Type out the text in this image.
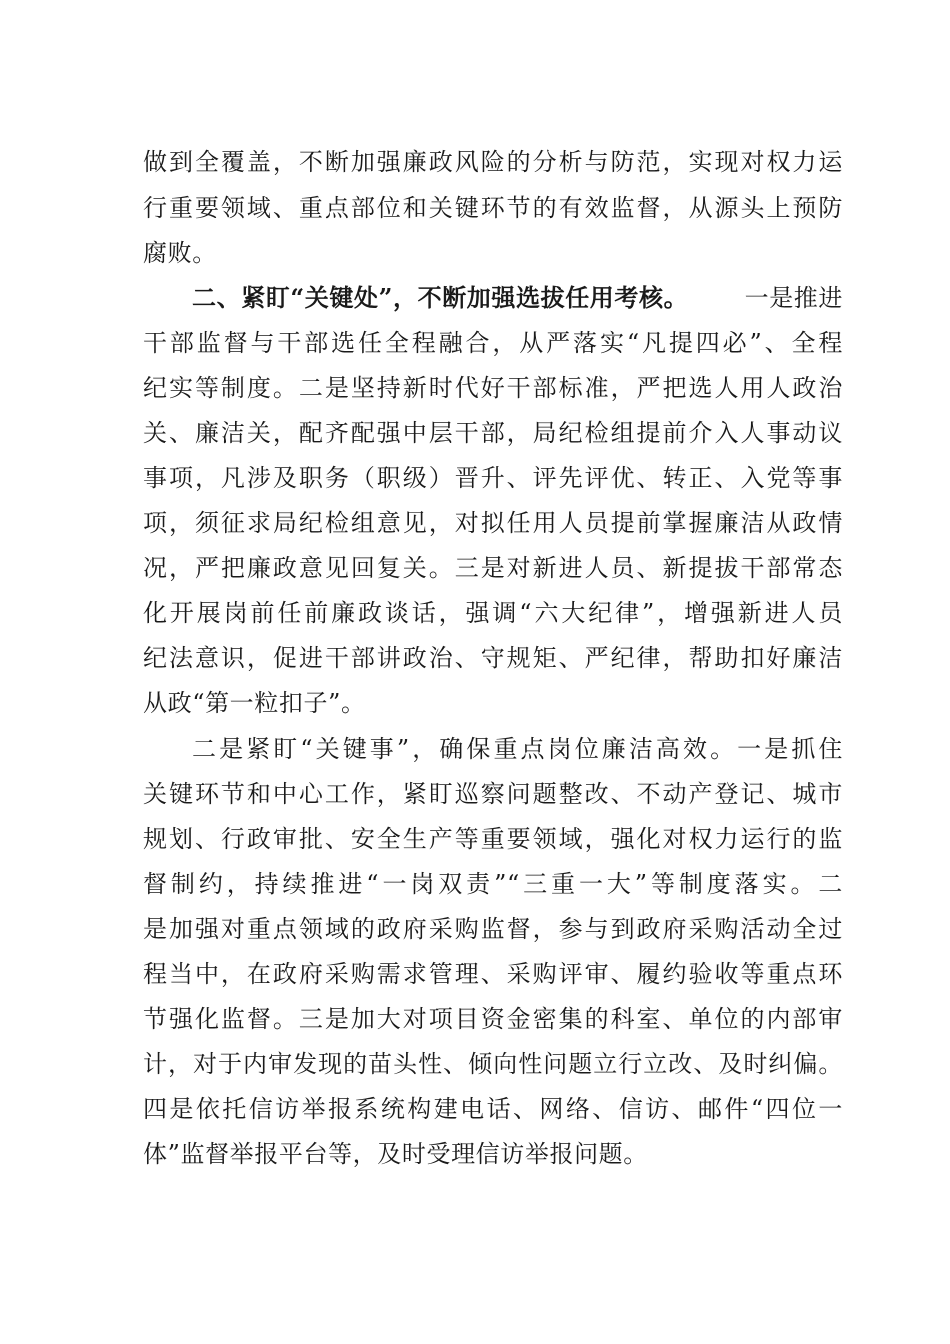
做到全覆盖，不断加强廉政风险的分析与防范，实现对权力运
行重要领域、重点部位和关键环节的有效监督，从源头上预防
腐败。
二、紧盯“关键处”，不断加强选拔任用考核。 一是推进
干部监督与干部选任全程融合，从严落实“凡提四必”、全程
纪实等制度。二是坚持新时代好干部标准，严把选人用人政治
关、廉洁关，配齐配强中层干部，局纪检组提前介入人事动议
事项，凡涉及职务（职级）晋升、评先评优、转正、入党等事
项，须征求局纪检组意见，对拟任用人员提前掌握廉洁从政情
况，严把廉政意见回复关。三是对新进人员、新提拔干部常态
化开展岗前任前廉政谈话，强调“六大纪律”，增强新进人员
纪法意识，促进干部讲政治、守规矩、严纪律，帮助扣好廉洁
从政“第一粒扣子”。
二是紧盯“关键事”，确保重点岗位廉洁高效。一是抓住
关键环节和中心工作，紧盯巡察问题整改、不动产登记、城市
规划、行政审批、安全生产等重要领域，强化对权力运行的监
督制约，持续推进“一岗双责”“三重一大”等制度落实。二
是加强对重点领域的政府采购监督，参与到政府采购活动全过
程当中，在政府采购需求管理、采购评审、履约验收等重点环
节强化监督。三是加大对项目资金密集的科室、单位的内部审
计，对于内审发现的苗头性、倾向性问题立行立改、及时纠偏。
四是依托信访举报系统构建电话、网络、信访、邮件“四位一
体”监督举报平台等，及时受理信访举报问题。
